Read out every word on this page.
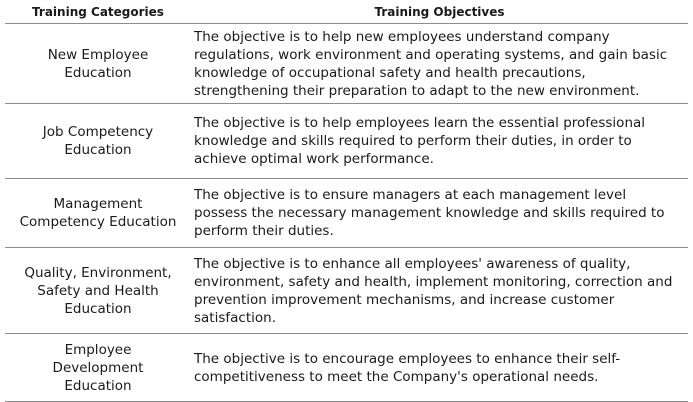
Training Categories	Training Objectives
New Employee Education
The objective is to help new employees understand company regulations, work environment and operating systems, and gain basic knowledge of occupational safety and health precautions, strengthening their preparation to adapt to the new environment.
Job Competency Education
The objective is to help employees learn the essential professional knowledge and skills required to perform their duties, in order to achieve optimal work performance.
Management Competency Education
The objective is to ensure managers at each management level possess the necessary management knowledge and skills required to perform their duties.
Quality, Environment, Safety and Health Education
The objective is to enhance all employees' awareness of quality, environment, safety and health, implement monitoring, correction and prevention improvement mechanisms, and increase customer satisfaction.
Employee Development Education
The objective is to encourage employees to enhance their self-competitiveness to meet the Company's operational needs.
